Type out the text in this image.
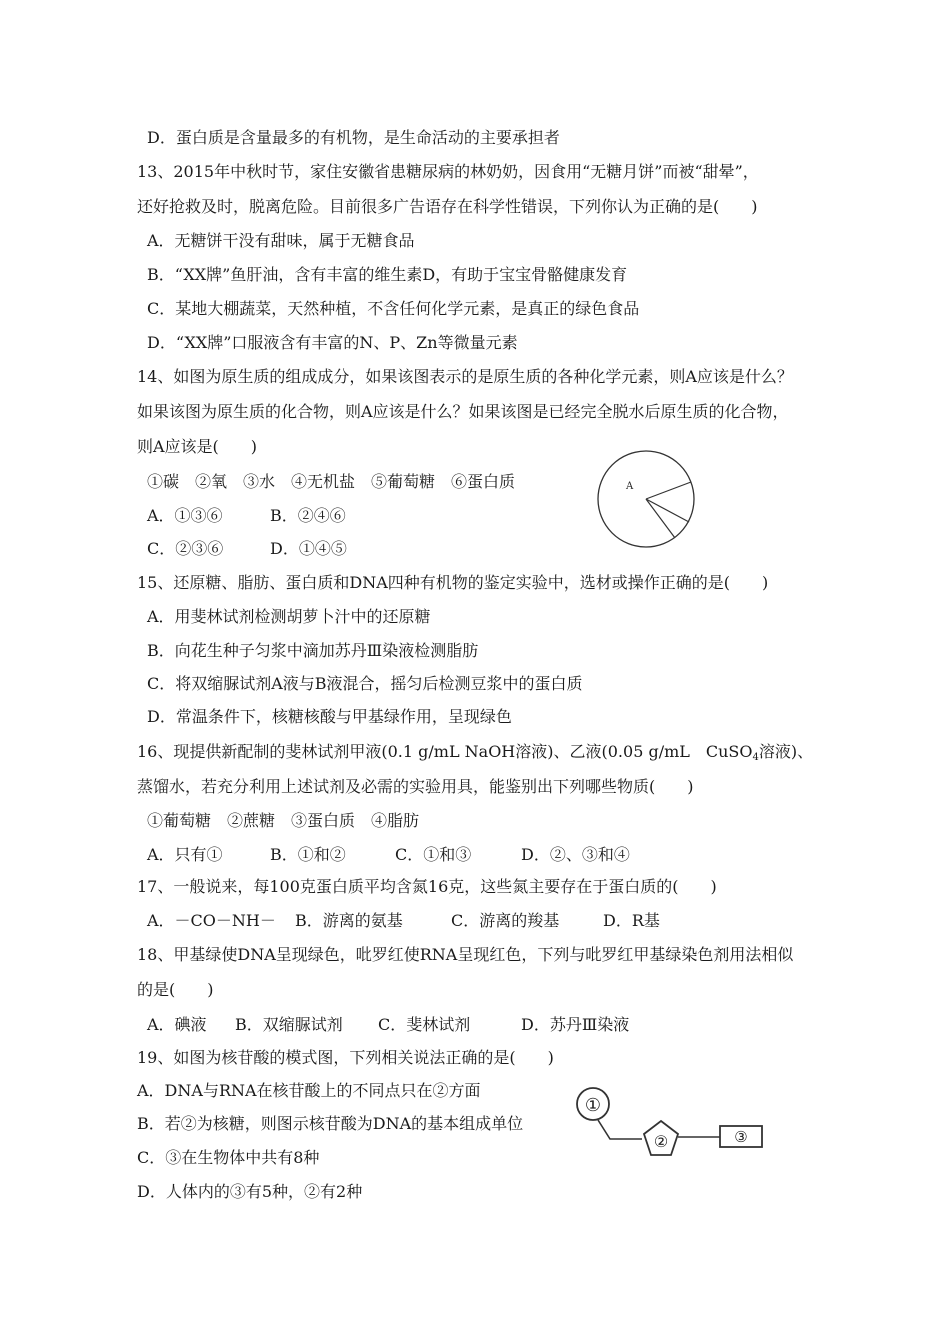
D．蛋白质是含量最多的有机物，是生命活动的主要承担者
13、2015年中秋时节，家住安徽省患糖尿病的林奶奶，因食用“无糖月饼”而被“甜晕”，
还好抢救及时，脱离危险。目前很多广告语存在科学性错误，下列你认为正确的是(　　)
A．无糖饼干没有甜味，属于无糖食品
B．“XX牌”鱼肝油，含有丰富的维生素D，有助于宝宝骨骼健康发育
C．某地大棚蔬菜，天然种植，不含任何化学元素，是真正的绿色食品
D．“XX牌”口服液含有丰富的N、P、Zn等微量元素
14、如图为原生质的组成成分，如果该图表示的是原生质的各种化学元素，则A应该是什么？
如果该图为原生质的化合物，则A应该是什么？如果该图是已经完全脱水后原生质的化合物，
则A应该是(　　)
①碳　②氧　③水　④无机盐　⑤葡萄糖　⑥蛋白质
A．①③⑥	B．②④⑥
C．②③⑥	D．①④⑤
A
15、还原糖、脂肪、蛋白质和DNA四种有机物的鉴定实验中，选材或操作正确的是(　　)
A．用斐林试剂检测胡萝卜汁中的还原糖
B．向花生种子匀浆中滴加苏丹Ⅲ染液检测脂肪
C．将双缩脲试剂A液与B液混合，摇匀后检测豆浆中的蛋白质
D．常温条件下，核糖核酸与甲基绿作用，呈现绿色
16、现提供新配制的斐林试剂甲液(0.1 g/mL NaOH溶液)、乙液(0.05 g/mL　CuSO$_4$溶液)、
蒸馏水，若充分利用上述试剂及必需的实验用具，能鉴别出下列哪些物质(　　)
①葡萄糖　②蔗糖　③蛋白质　④脂肪
A．只有①	B．①和②	C．①和③	D．②、③和④
17、一般说来，每100克蛋白质平均含氮16克，这些氮主要存在于蛋白质的(　　)
A．－CO－NH－ B．游离的氨基	C．游离的羧基	D．R基
18、甲基绿使DNA呈现绿色，吡罗红使RNA呈现红色，下列与吡罗红甲基绿染色剂用法相似
的是(　　)
A．碘液 B．双缩脲试剂 C．斐林试剂	D．苏丹Ⅲ染液
19、如图为核苷酸的模式图，下列相关说法正确的是(　　)
A．DNA与RNA在核苷酸上的不同点只在②方面
B．若②为核糖，则图示核苷酸为DNA的基本组成单位
C．③在生物体中共有8种
D．人体内的③有5种，②有2种
①
②	③
